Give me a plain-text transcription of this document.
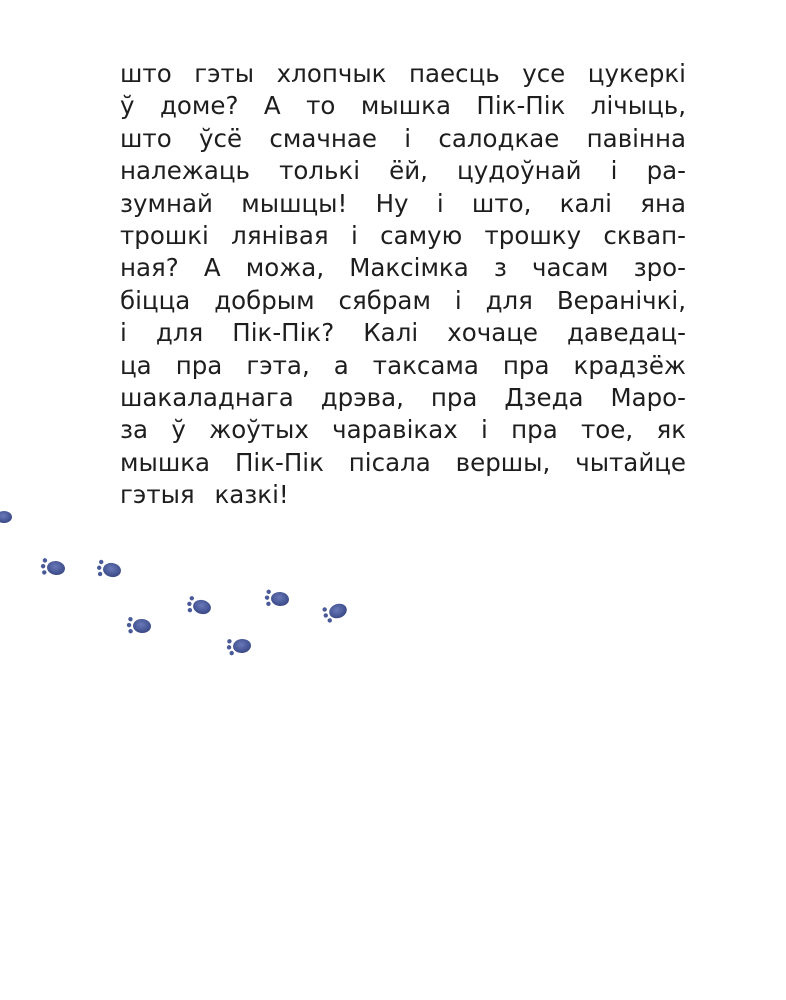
што гэты хлопчык паесць усе цукеркі
ў доме? А то мышка Пік-Пік лічыць,
што ўсё смачнае і салодкае павінна
належаць толькі ёй, цудоўнай і ра-
зумнай мышцы! Ну і што, калі яна
трошкі лянівая і самую трошку сквап-
ная? А можа, Максімка з часам зро-
біцца добрым сябрам і для Веранічкі,
і для Пік-Пік? Калі хочаце даведац-
ца пра гэта, а таксама пра крадзёж
шакаладнага дрэва, пра Дзеда Маро-
за ў жоўтых чаравіках і пра тое, як
мышка Пік-Пік пісала вершы, чытайце
гэтыя казкі!
